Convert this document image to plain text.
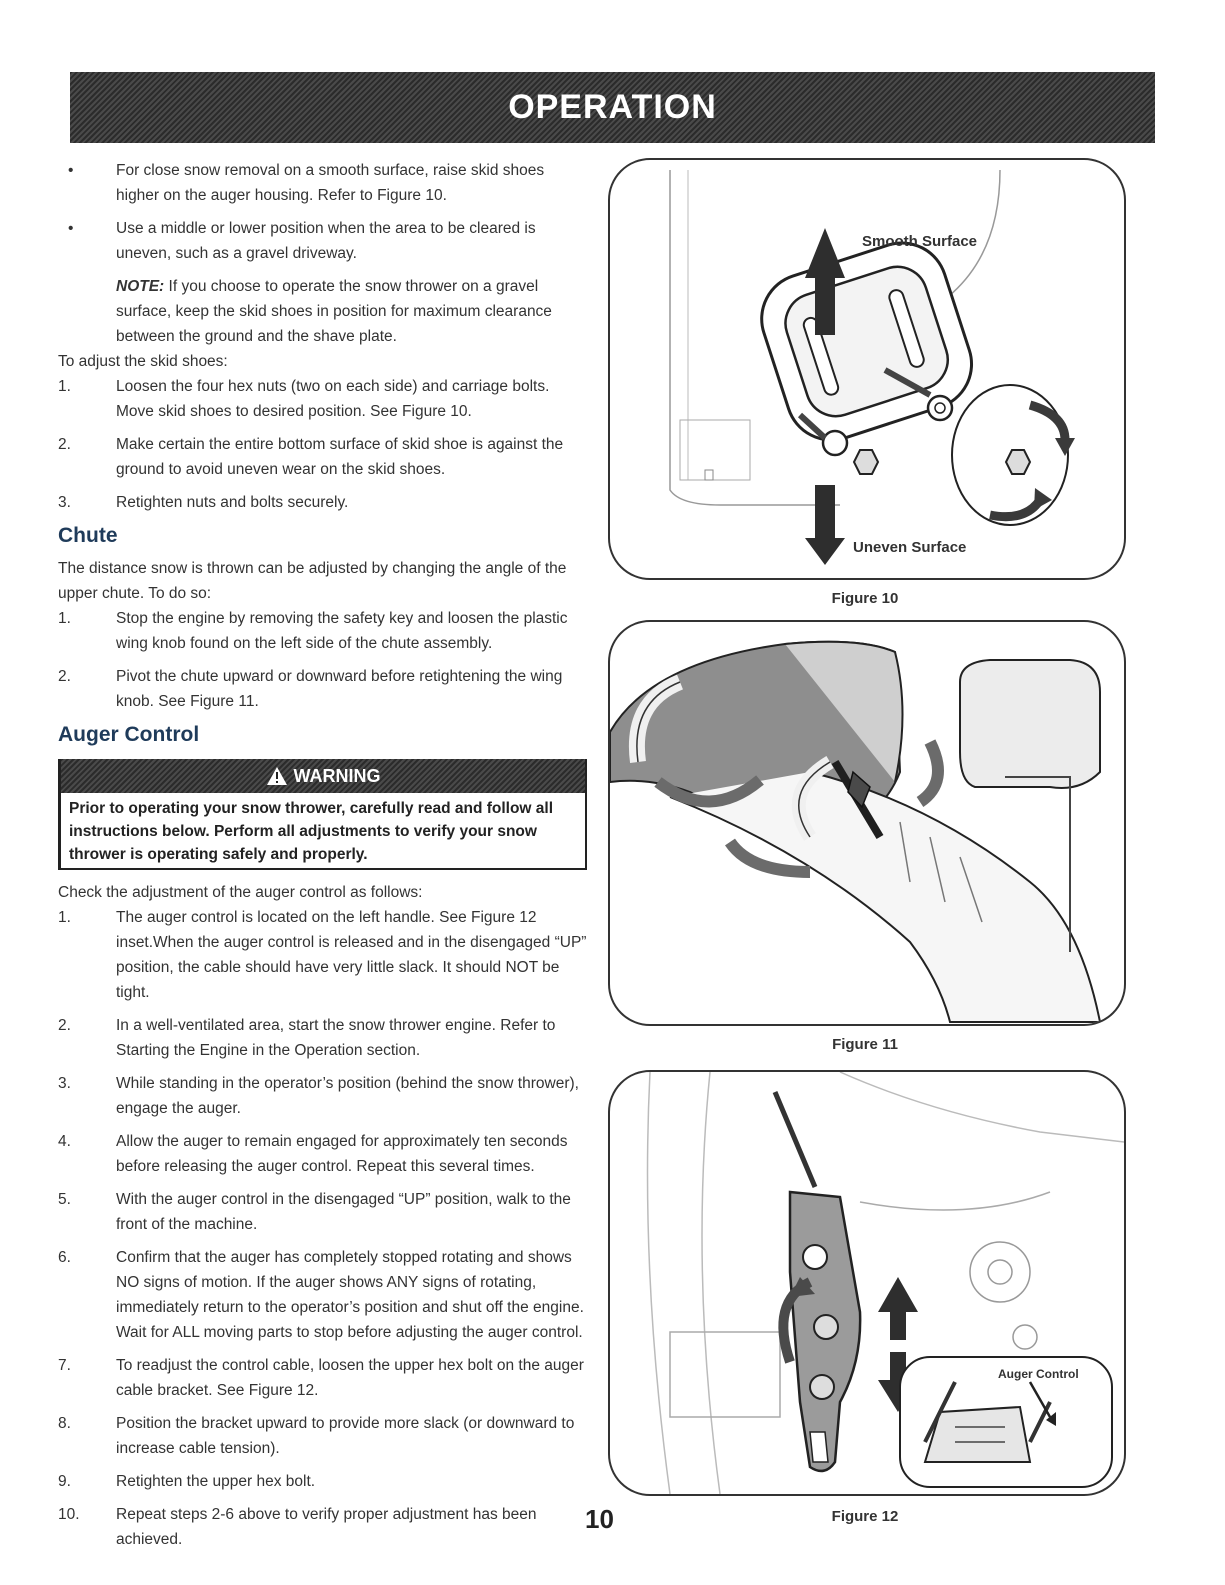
OPERATION
•	For close snow removal on a smooth surface, raise skid shoes higher on the auger housing. Refer to Figure 10.

•	Use a middle or lower position when the area to be cleared is uneven, such as a gravel driveway.

NOTE: If you choose to operate the snow thrower on a gravel surface, keep the skid shoes in position for maximum clearance between the ground and the shave plate.

To adjust the skid shoes:

1.	Loosen the four hex nuts (two on each side) and carriage bolts. Move skid shoes to desired position. See Figure 10.

2.	Make certain the entire bottom surface of skid shoe is against the ground to avoid uneven wear on the skid shoes.

3.	Retighten nuts and bolts securely.

Chute

The distance snow is thrown can be adjusted by changing the angle of the upper chute. To do so:

1.	Stop the engine by removing the safety key and loosen the plastic wing knob found on the left side of the chute assembly.

2.	Pivot the chute upward or downward before retightening the wing knob. See Figure 11.

Auger Control
WARNING
Prior to operating your snow thrower, carefully read and follow all instructions below. Perform all adjustments to verify your snow thrower is operating safely and properly.

Check the adjustment of the auger control as follows:

1.	The auger control is located on the left handle. See Figure 12 inset.When the auger control is released and in the disengaged “UP” position, the cable should have very little slack. It should NOT be tight.

2.	In a well-ventilated area, start the snow thrower engine. Refer to Starting the Engine in the Operation section.

3.	While standing in the operator’s position (behind the snow thrower), engage the auger.

4.	Allow the auger to remain engaged for approximately ten seconds before releasing the auger control. Repeat this several times.

5.	With the auger control in the disengaged “UP” position, walk to the front of the machine.

6.	Confirm that the auger has completely stopped rotating and shows NO signs of motion. If the auger shows ANY signs of rotating, immediately return to the operator’s position and shut off the engine. Wait for ALL moving parts to stop before adjusting the auger control.

7.	To readjust the control cable, loosen the upper hex bolt on the auger cable bracket. See Figure 12.

8.	Position the bracket upward to provide more slack (or downward to increase cable tension).

9.	Retighten the upper hex bolt.

10.	Repeat steps 2-6 above to verify proper adjustment has been achieved.

Smooth Surface
Uneven Surface
Figure 10
Figure 11
Auger Control
Figure 12
10
